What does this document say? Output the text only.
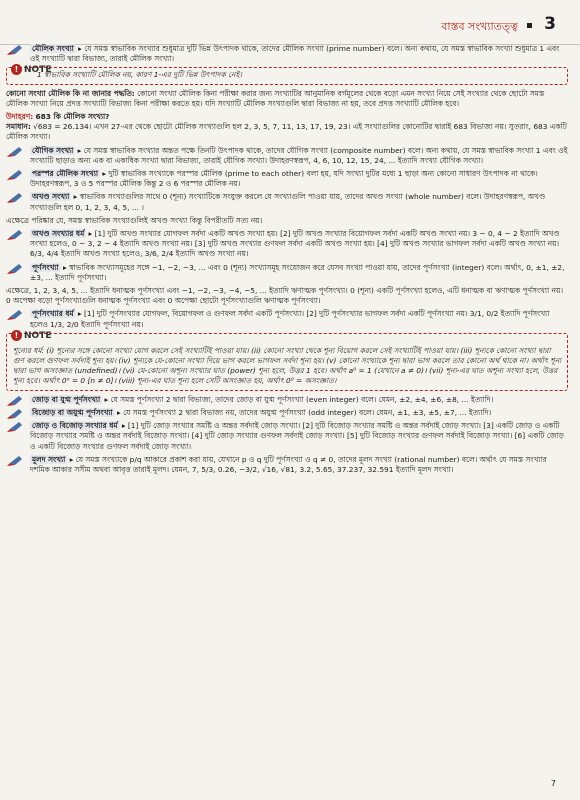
বাস্তব সংখ্যাতত্ত্ব 3
মৌলিক সংখ্যা ▸ যে সমস্ত স্বাভাবিক সংখ্যার শুধুমাত্র দুটি ভিন্ন উৎপাদক থাকে, তাদের মৌলিক সংখ্যা (prime number) বলে। অন্য কথায়, যে সমস্ত স্বাভাবিক সংখ্যা শুধুমাত্র 1 এবং ওই সংখ্যাটি দ্বারা বিভাজ্য, তারাই মৌলিক সংখ্যা।
! NOTE
1 স্বাভাবিক সংখ্যাটি মৌলিক নয়, কারণ 1-এর দুটি ভিন্ন উৎপাদক নেই।
কোনো সংখ্যা মৌলিক কি না জানার পদ্ধতি: কোনো সংখ্যা মৌলিক কিনা পরীক্ষা করার জন্য সংখ্যাটির আনুমানিক বর্গমূলের থেকে বড়ো এমন সংখ্যা নিয়ে সেই সংখ্যার থেকে ছোটো সমস্ত মৌলিক সংখ্যা নিয়ে প্রদত্ত সংখ্যাটি বিভাজ্য কিনা পরীক্ষা করতে হয়। যদি সংখ্যাটি মৌলিক সংখ্যাগুলি দ্বারা বিভাজ্য না হয়, তবে প্রদত্ত সংখ্যাটি মৌলিক হবে।
উদাহরণ: 683 কি মৌলিক সংখ্যা?
সমাধান: √683 = 26.134। এখন 27-এর থেকে ছোটো মৌলিক সংখ্যাগুলি হল 2, 3, 5, 7, 11, 13, 17, 19, 23। এই সংখ্যাগুলির কোনোটির দ্বারাই 683 বিভাজ্য নয়। সুতরাং, 683 একটি মৌলিক সংখ্যা।
যৌগিক সংখ্যা ▸ যে সমস্ত স্বাভাবিক সংখ্যার অন্তত পক্ষে তিনটি উৎপাদক থাকে, তাদের যৌগিক সংখ্যা (composite number) বলে। অন্য কথায়, যে সমস্ত স্বাভাবিক সংখ্যা 1 এবং ওই সংখ্যাটি ছাড়াও অন্য এক বা একাধিক সংখ্যা দ্বারা বিভাজ্য, তারাই যৌগিক সংখ্যা। উদাহরণস্বরূপ, 4, 6, 10, 12, 15, 24, ... ইত্যাদি সংখ্যা যৌগিক সংখ্যা।
পরস্পর মৌলিক সংখ্যা ▸ দুটি স্বাভাবিক সংখ্যাকে পরস্পর মৌলিক (prime to each other) বলা হয়, যদি সংখ্যা দুটির মধ্যে 1 ছাড়া অন্য কোনো সাধারণ উৎপাদক না থাকে। উদাহরণস্বরূপ, 3 ও 5 পরস্পর মৌলিক কিন্তু 2 ও 6 পরস্পর মৌলিক নয়।
অখণ্ড সংখ্যা ▸ স্বাভাবিক সংখ্যাগুলির সাথে 0 (শূন্য) সংখ্যাটিকে সংযুক্ত করলে যে সংখ্যাগুলি পাওয়া যায়, তাদের অখণ্ড সংখ্যা (whole number) বলে। উদাহরণস্বরূপ, অখণ্ড সংখ্যাগুলি হল 0, 1, 2, 3, 4, 5, ... ।
এক্ষেত্রে পরিষ্কার যে, সমস্ত স্বাভাবিক সংখ্যাগুলিই অখণ্ড সংখ্যা কিন্তু বিপরীতটি সত্য নয়।
অখণ্ড সংখ্যার ধর্ম ▸ [1] দুটি অখণ্ড সংখ্যার যোগফল সর্বদা একটি অখণ্ড সংখ্যা হয়। [2] দুটি অখণ্ড সংখ্যার বিয়োগফল সর্বদা একটি অখণ্ড সংখ্যা নয়। 3 − 0, 4 − 2 ইত্যাদি অখণ্ড সংখ্যা হলেও, 0 − 3, 2 − 4 ইত্যাদি অখণ্ড সংখ্যা নয়। [3] দুটি অখণ্ড সংখ্যার গুণফল সর্বদা একটি অখণ্ড সংখ্যা হয়। [4] দুটি অখণ্ড সংখ্যার ভাগফল সর্বদা একটি অখণ্ড সংখ্যা নয়। 6/3, 4/4 ইত্যাদি অখণ্ড সংখ্যা হলেও, 3/6, 2/4 ইত্যাদি অখণ্ড সংখ্যা নয়।
পূর্ণসংখ্যা ▸ স্বাভাবিক সংখ্যাসমূহের সঙ্গে −1, −2, −3, ... এবং 0 (শূন্য) সংখ্যাসমূহ সংযোজন করে যেসব সংখ্যা পাওয়া যায়, তাদের পূর্ণসংখ্যা (integer) বলে। অর্থাৎ, 0, ±1, ±2, ±3, ... ইত্যাদি পূর্ণসংখ্যা।
এক্ষেত্রে, 1, 2, 3, 4, 5, ... ইত্যাদি ধনাত্মক পূর্ণসংখ্যা এবং −1, −2, −3, −4, −5, ... ইত্যাদি ঋণাত্মক পূর্ণসংখ্যা। 0 (শূন্য) একটি পূর্ণসংখ্যা হলেও, এটি ধনাত্মক বা ঋণাত্মক পূর্ণসংখ্যা নয়। 0 অপেক্ষা বড়ো পূর্ণসংখ্যাগুলি ধনাত্মক পূর্ণসংখ্যা এবং 0 অপেক্ষা ছোটো পূর্ণসংখ্যাগুলি ঋণাত্মক পূর্ণসংখ্যা।
পূর্ণসংখ্যার ধর্ম ▸ [1] দুটি পূর্ণসংখ্যার যোগফল, বিয়োগফল ও গুণফল সর্বদা একটি পূর্ণসংখ্যা। [2] দুটি পূর্ণসংখ্যার ভাগফল সর্বদা একটি পূর্ণসংখ্যা নয়। 3/1, 0/2 ইত্যাদি পূর্ণসংখ্যা হলেও 1/3, 2/0 ইত্যাদি পূর্ণসংখ্যা নয়।
! NOTE
শূন্যের ধর্ম: (i) শূন্যের সঙ্গে কোনো সংখ্যা যোগ করলে সেই সংখ্যাটিই পাওয়া যায়। (ii) কোনো সংখ্যা থেকে শূন্য বিয়োগ করলে সেই সংখ্যাটিই পাওয়া যায়। (iii) শূন্যকে কোনো সংখ্যা দ্বারা গুণ করলে গুণফল সর্বদাই শূন্য হয়। (iv) শূন্যকে যে-কোনো সংখ্যা দিয়ে ভাগ করলে ভাগফল সর্বদা শূন্য হয়। (v) কোনো সংখ্যাকে শূন্য দ্বারা ভাগ করলে তার কোনো অর্থ থাকে না। অর্থাৎ শূন্য দ্বারা ভাগ অসংজ্ঞাত (undefined)। (vi) যে-কোনো অশূন্য সংখ্যার ঘাত (power) শূন্য হলে, উত্তর 1 হবে। অর্থাৎ a⁰ = 1 (যেখানে a ≠ 0)। (vii) শূন্য-এর ঘাত অশূন্য সংখ্যা হলে, উত্তর শূন্য হবে। অর্থাৎ 0ⁿ = 0 [n ≠ 0]। (viii) শূন্য-এর ঘাত শূন্য হলে সেটি অসংজ্ঞাত হয়, অর্থাৎ 0⁰ = অসংজ্ঞাত।
জোড় বা যুগ্ম পূর্ণসংখ্যা ▸ যে সমস্ত পূর্ণসংখ্যা 2 দ্বারা বিভাজ্য, তাদের জোড় বা যুগ্ম পূর্ণসংখ্যা (even integer) বলে। যেমন, ±2, ±4, ±6, ±8, ... ইত্যাদি।
বিজোড় বা অযুগ্ম পূর্ণসংখ্যা ▸ যে সমস্ত পূর্ণসংখ্যা 2 দ্বারা বিভাজ্য নয়, তাদের অযুগ্ম পূর্ণসংখ্যা (odd integer) বলে। যেমন, ±1, ±3, ±5, ±7, ... ইত্যাদি।
জোড় ও বিজোড় সংখ্যার ধর্ম ▸ [1] দুটি জোড় সংখ্যার সমষ্টি ও অন্তর সর্বদাই জোড় সংখ্যা। [2] দুটি বিজোড় সংখ্যার সমষ্টি ও অন্তর সর্বদাই জোড় সংখ্যা। [3] একটি জোড় ও একটি বিজোড় সংখ্যার সমষ্টি ও অন্তর সর্বদাই বিজোড় সংখ্যা। [4] দুটি জোড় সংখ্যার গুণফল সর্বদাই জোড় সংখ্যা। [5] দুটি বিজোড় সংখ্যার গুণফল সর্বদাই বিজোড় সংখ্যা। [6] একটি জোড় ও একটি বিজোড় সংখ্যার গুণফল সর্বদাই জোড় সংখ্যা।
মূলদ সংখ্যা ▸ যে সমস্ত সংখ্যাকে p/q আকারে প্রকাশ করা যায়, যেখানে p ও q দুটি পূর্ণসংখ্যা ও q ≠ 0, তাদের মূলদ সংখ্যা (rational number) বলে। অর্থাৎ যে সমস্ত সংখ্যার দশমিক আকার সসীম অথবা আবৃত্ত তারাই মূলদ। যেমন, 7, 5/3, 0.26, −3/2, √16, √81, 3.2, 5.65, 37.237, 32.591 ইত্যাদি মূলদ সংখ্যা।
7
